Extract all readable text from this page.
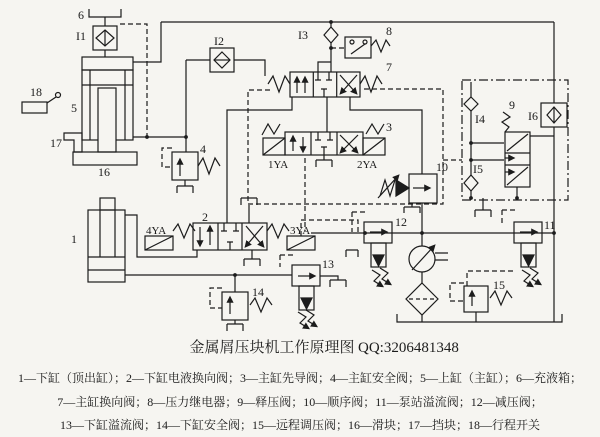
6
I1
18
5
17
16
I2	I3	8
7
4
3
1YA	2YA	10
12	11
13
14	15
9
I4
I5
I6
2
4YA	3YA
1
金属屑压块机工作原理图 QQ:3206481348
1—下缸（顶出缸）；2—下缸电液换向阀；3—主缸先导阀；4—主缸安全阀；5—上缸（主缸）；6—充液箱；
7—主缸换向阀；8—压力继电器；9—释压阀；10—顺序阀；11—泵站溢流阀；12—减压阀；
13—下缸溢流阀；14—下缸安全阀；15—远程调压阀；16—滑块；17—挡块；18—行程开关
